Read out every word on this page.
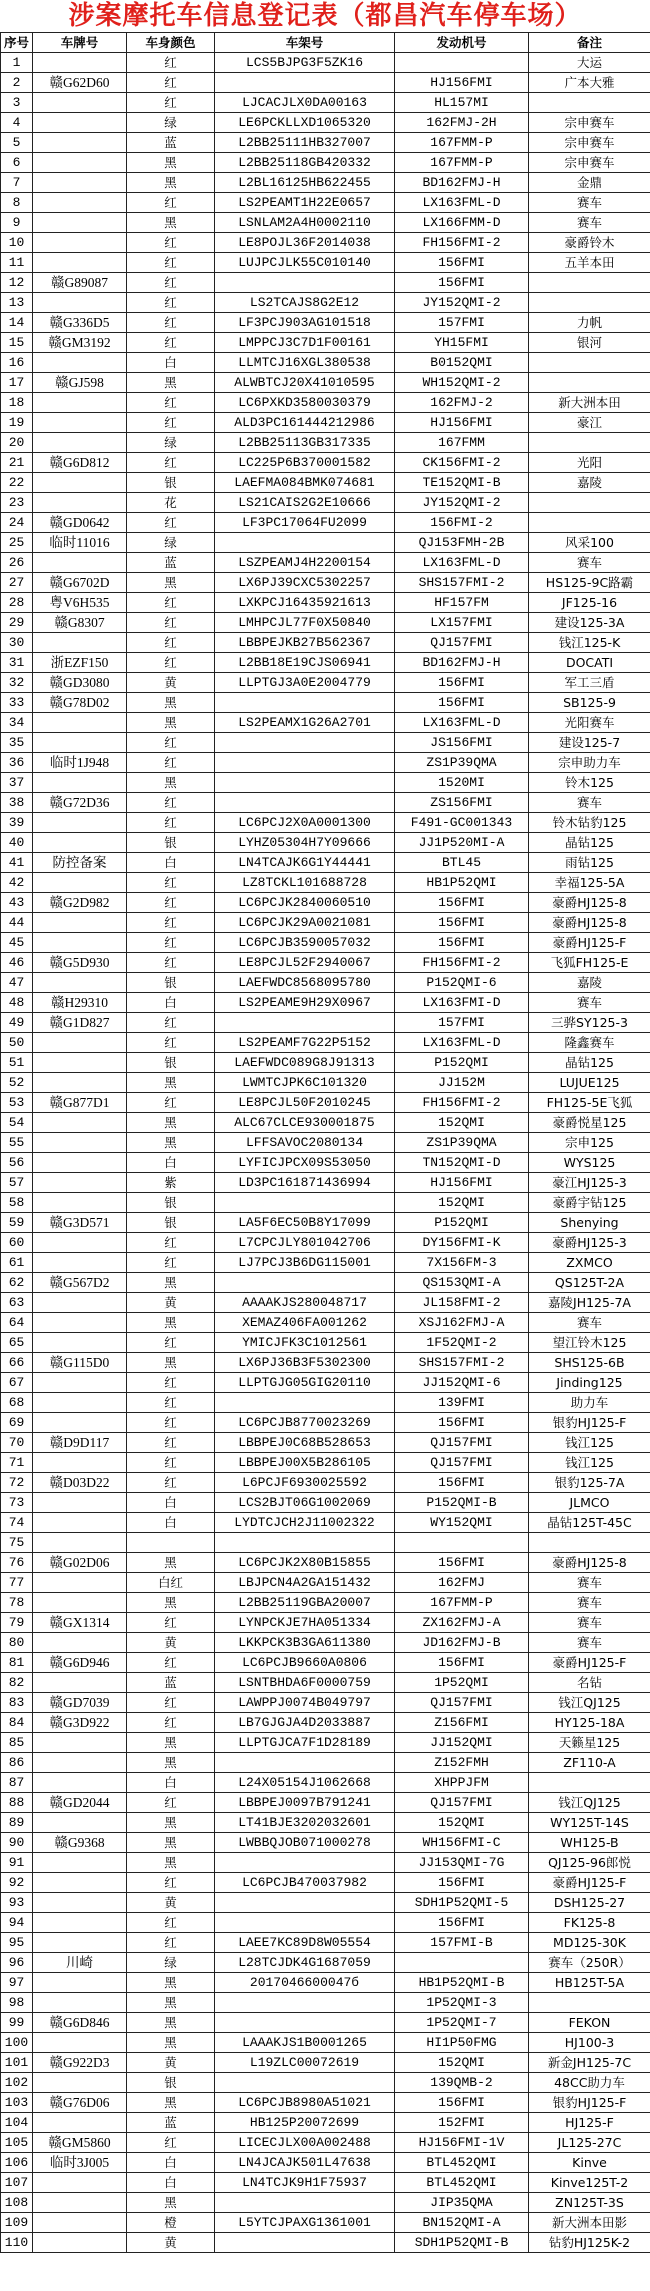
涉案摩托车信息登记表（都昌汽车停车场）
序号	车牌号	车身颜色	车架号	发动机号	备注
1		红	LCS5BJPG3F5ZK16		大运
2	赣G62D60	红		HJ156FMI	广本大雅
3		红	LJCACJLX0DA00163	HL157MI	
4		绿	LE6PCKLLXD1065320	162FMJ-2H	宗申赛车
5		蓝	L2BB25111HB327007	167FMM-P	宗申赛车
6		黑	L2BB25118GB420332	167FMM-P	宗申赛车
7		黑	L2BL16125HB622455	BD162FMJ-H	金鼎
8		红	LS2PEAMT1H22E0657	LX163FML-D	赛车
9		黑	LSNLAM2A4H0002110	LX166FMM-D	赛车
10		红	LE8POJL36F2014038	FH156FMI-2	豪爵铃木
11		红	LUJPCJLK55C010140	156FMI	五羊本田
12	赣G89087	红		156FMI	
13		红	LS2TCAJS8G2E12	JY152QMI-2	
14	赣G336D5	红	LF3PCJ903AG101518	157FMI	力帆
15	赣GM3192	红	LMPPCJ3C7D1F00161	YH15FMI	银河
16		白	LLMTCJ16XGL380538	B0152QMI	
17	赣GJ598	黑	ALWBTCJ20X41010595	WH152QMI-2	
18		红	LC6PXKD3580030379	162FMJ-2	新大洲本田
19		红	ALD3PC161444212986	HJ156FMI	豪江
20		绿	L2BB25113GB317335	167FMM	
21	赣G6D812	红	LC225P6B370001582	CK156FMI-2	光阳
22		银	LAEFMA084BMK074681	TE152QMI-B	嘉陵
23		花	LS21CAIS2G2E10666	JY152QMI-2	
24	赣GD0642	红	LF3PC17064FU2099	156FMI-2	
25	临时11016	绿		QJ153FMH-2B	风采100
26		蓝	LSZPEAMJ4H2200154	LX163FML-D	赛车
27	赣G6702D	黑	LX6PJ39CXC5302257	SHS157FMI-2	HS125-9C路霸
28	粤V6H535	红	LXKPCJ16435921613	HF157FM	JF125-16
29	赣G8307	红	LMHPCJL77F0X50840	LX157FMI	建设125-3A
30		红	LBBPEJKB27B562367	QJ157FMI	钱江125-K
31	浙EZF150	红	L2BB18E19CJS06941	BD162FMJ-H	DOCATI
32	赣GD3080	黄	LLPTGJ3A0E2004779	156FMI	军工三盾
33	赣G78D02	黑		156FMI	SB125-9
34		黑	LS2PEAMX1G26A2701	LX163FML-D	光阳赛车
35		红		JS156FMI	建设125-7
36	临时1J948	红		ZS1P39QMA	宗申助力车
37		黑		1520MI	铃木125
38	赣G72D36	红		ZS156FMI	赛车
39		红	LC6PCJ2X0A0001300	F491-GC001343	铃木钻豹125
40		银	LYHZ05304H7Y09666	JJ1P520MI-A	晶钻125
41	防控备案	白	LN4TCAJK6G1Y44441	BTL45	雨钻125
42		红	LZ8TCKL101688728	HB1P52QMI	幸福125-5A
43	赣G2D982	红	LC6PCJK2840060510	156FMI	豪爵HJ125-8
44		红	LC6PCJK29A0021081	156FMI	豪爵HJ125-8
45		红	LC6PCJB3590057032	156FMI	豪爵HJ125-F
46	赣G5D930	红	LE8PCJL52F2940067	FH156FMI-2	飞狐FH125-E
47		银	LAEFWDC8568095780	P152QMI-6	嘉陵
48	赣H29310	白	LS2PEAME9H29X0967	LX163FMI-D	赛车
49	赣G1D827	红		157FMI	三骅SY125-3
50		红	LS2PEAMF7G22P5152	LX163FML-D	隆鑫赛车
51		银	LAEFWDC089G8J91313	P152QMI	晶钻125
52		黑	LWMTCJPK6C101320	JJ152M	LUJUE125
53	赣G877D1	红	LE8PCJL50F2010245	FH156FMI-2	FH125-5E飞狐
54		黑	ALC67CLCE930001875	152QMI	豪爵悦星125
55		黑	LFFSAVOC2080134	ZS1P39QMA	宗申125
56		白	LYFICJPCX09S53050	TN152QMI-D	WYS125
57		紫	LD3PC161871436994	HJ156FMI	豪江HJ125-3
58		银		152QMI	豪爵宇钻125
59	赣G3D571	银	LA5F6EC50B8Y17099	P152QMI	Shenying
60		红	L7CPCJLY801042706	DY156FMI-K	豪爵HJ125-3
61		红	LJ7PCJ3B6DG115001	7X156FM-3	ZXMCO
62	赣G567D2	黑		QS153QMI-A	QS125T-2A
63		黄	AAAAKJS280048717	JL158FMI-2	嘉陵JH125-7A
64		黑	XEMAZ406FA001262	XSJ162FMJ-A	赛车
65		红	YMICJFK3C1012561	1F52QMI-2	望江铃木125
66	赣G115D0	黑	LX6PJ36B3F5302300	SHS157FMI-2	SHS125-6B
67		红	LLPTGJG05GIG20110	JJ152QMI-6	Jinding125
68		红		139FMI	助力车
69		红	LC6PCJB8770023269	156FMI	银豹HJ125-F
70	赣D9D117	红	LBBPEJ0C68B528653	QJ157FMI	钱江125
71		红	LBBPEJ00X5B286105	QJ157FMI	钱江125
72	赣D03D22	红	L6PCJF6930025592	156FMI	银豹125-7A
73		白	LCS2BJT06G1002069	P152QMI-B	JLMCO
74		白	LYDTCJCH2J11002322	WY152QMI	晶钻125T-45C
75					
76	赣G02D06	黑	LC6PCJK2X80B15855	156FMI	豪爵HJ125-8
77		白红	LBJPCN4A2GA151432	162FMJ	赛车
78		黑	L2BB25119GBA20007	167FMM-P	赛车
79	赣GX1314	红	LYNPCKJE7HA051334	ZX162FMJ-A	赛车
80		黄	LKKPCK3B3GA611380	JD162FMJ-B	赛车
81	赣G6D946	红	LC6PCJB9660A0806	156FMI	豪爵HJ125-F
82		蓝	LSNTBHDA6F0000759	1P52QMI	名钻
83	赣GD7039	红	LAWPPJ0074B049797	QJ157FMI	钱江QJ125
84	赣G3D922	红	LB7GJGJA4D2033887	Z156FMI	HY125-18A
85		黑	LLPTGJCA7F1D28189	JJ152QMI	天籁星125
86		黑		Z152FMH	ZF110-A
87		白	L24X05154J1062668	XHPPJFM	
88	赣GD2044	红	LBBPEJ0097B791241	QJ157FMI	钱江QJ125
89		黑	LT41BJE3202032601	152QMI	WY125T-14S
90	赣G9368	黑	LWBBQJOB071000278	WH156FMI-C	WH125-B
91		黑		JJ153QMI-7G	QJ125-96郎悦
92		红	LC6PCJB470037982	156FMI	豪爵HJ125-F
93		黄		SDH1P52QMI-5	DSH125-27
94		红		156FMI	FK125-8
95		红	LAEE7KC89D8W05554	157FMI-B	MD125-30K
96	川崎	绿	L28TCJDK4G1687059		赛车（250R）
97		黑	2017046600047б	HB1P52QMI-B	HB125T-5A
98		黑		1P52QMI-3	
99	赣G6D846	黑		1P52QMI-7	FEKON
100		黑	LAAAKJS1B0001265	HI1P50FMG	HJ100-3
101	赣G922D3	黄	L19ZLC00072619	152QMI	新金JH125-7C
102		银		139QMB-2	48CC助力车
103	赣G76D06	黑	LC6PCJB8980A51021	156FMI	银豹HJ125-F
104		蓝	HB125P20072699	152FMI	HJ125-F
105	赣GM5860	红	LICECJLX00A002488	HJ156FMI-1V	JL125-27C
106	临时3J005	白	LN4JCAJK501L47638	BTL452QMI	Kinve
107		白	LN4TCJK9H1F75937	BTL452QMI	Kinve125T-2
108		黑		JIP35QMA	ZN125T-3S
109		橙	L5YTCJPAXG1361001	BN152QMI-A	新大洲本田影
110		黄		SDH1P52QMI-B	钻豹HJ125K-2
